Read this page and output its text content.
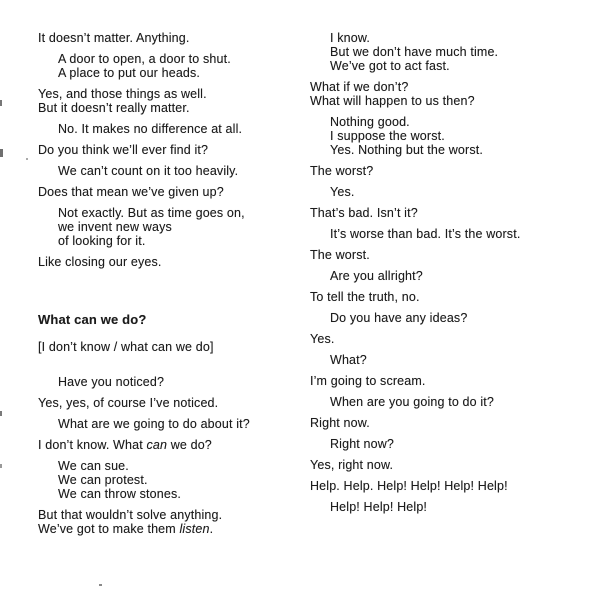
It doesn’t matter. Anything.

A door to open, a door to shut.
A place to put our heads.

Yes, and those things as well.
But it doesn’t really matter.

No. It makes no difference at all.

Do you think we’ll ever find it?

We can’t count on it too heavily.

Does that mean we’ve given up?

Not exactly. But as time goes on,
we invent new ways
of looking for it.

Like closing our eyes.

What can we do?

[I don’t know / what can we do]

Have you noticed?

Yes, yes, of course I’ve noticed.

What are we going to do about it?

I don’t know. What can we do?

We can sue.
We can protest.
We can throw stones.

But that wouldn’t solve anything.
We’ve got to make them listen.

I know.
But we don’t have much time.
We’ve got to act fast.

What if we don’t?
What will happen to us then?

Nothing good.
I suppose the worst.
Yes. Nothing but the worst.

The worst?

Yes.

That’s bad. Isn’t it?

It’s worse than bad. It’s the worst.

The worst.

Are you allright?

To tell the truth, no.

Do you have any ideas?

Yes.

What?

I’m going to scream.

When are you going to do it?

Right now.

Right now?

Yes, right now.

Help. Help. Help! Help! Help! Help!

Help! Help! Help!
